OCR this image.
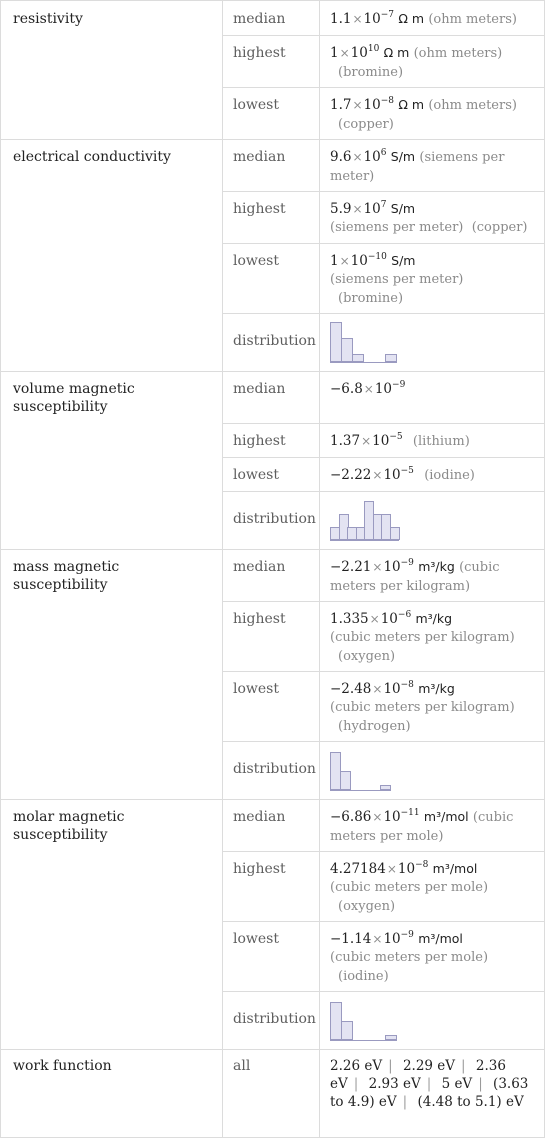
resistivity	median	$1.1\times 10^{-7}$ Ω m (ohm meters)
highest	$1\times 10^{10}$ Ω m (ohm meters)
(bromine)
lowest	$1.7\times 10^{-8}$ Ω m (ohm meters)
(copper)
electrical conductivity	median	$9.6\times 10^6$ S/m (siemens per meter)
highest	$5.9\times 10^7$ S/m
(siemens per meter) (copper)
lowest	$1\times 10^{-10}$ S/m
(siemens per meter)
(bromine)
distribution
volume magnetic susceptibility
median	$-6.8\times 10^{-9}$
highest	$1.37\times 10^{-5}$ (lithium)
lowest	$-2.22\times 10^{-5}$ (iodine)
distribution
mass magnetic susceptibility
median	$-2.21\times 10^{-9}$ m³/kg (cubic meters per kilogram)
highest	$1.335\times 10^{-6}$ m³/kg
(cubic meters per kilogram)
(oxygen)
lowest	$-2.48\times 10^{-8}$ m³/kg
(cubic meters per kilogram)
(hydrogen)
distribution
molar magnetic susceptibility
median	$-6.86\times 10^{-11}$ m³/mol (cubic meters per mole)
highest	$4.27184\times 10^{-8}$ m³/mol
(cubic meters per mole)
(oxygen)
lowest	$-1.14\times 10^{-9}$ m³/mol
(cubic meters per mole)
(iodine)
distribution
work function	all	2.26 eV | 2.29 eV | 2.36 eV | 2.93 eV | 5 eV | (3.63 to 4.9) eV | (4.48 to 5.1) eV
